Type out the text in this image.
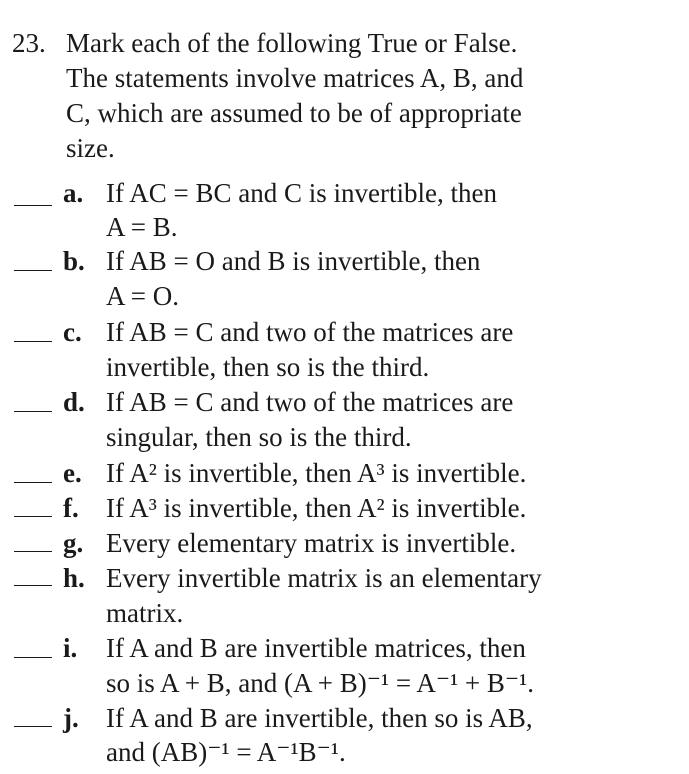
23. Mark each of the following True or False.
The statements involve matrices A, B, and
C, which are assumed to be of appropriate
size.
a. If AC = BC and C is invertible, then
A = B.
b. If AB = O and B is invertible, then
A = O.
c. If AB = C and two of the matrices are
invertible, then so is the third.
d. If AB = C and two of the matrices are
singular, then so is the third.
e. If A² is invertible, then A³ is invertible.
f. If A³ is invertible, then A² is invertible.
g. Every elementary matrix is invertible.
h. Every invertible matrix is an elementary
matrix.
i. If A and B are invertible matrices, then
so is A + B, and (A + B)⁻¹ = A⁻¹ + B⁻¹.
j. If A and B are invertible, then so is AB,
and (AB)⁻¹ = A⁻¹B⁻¹.
